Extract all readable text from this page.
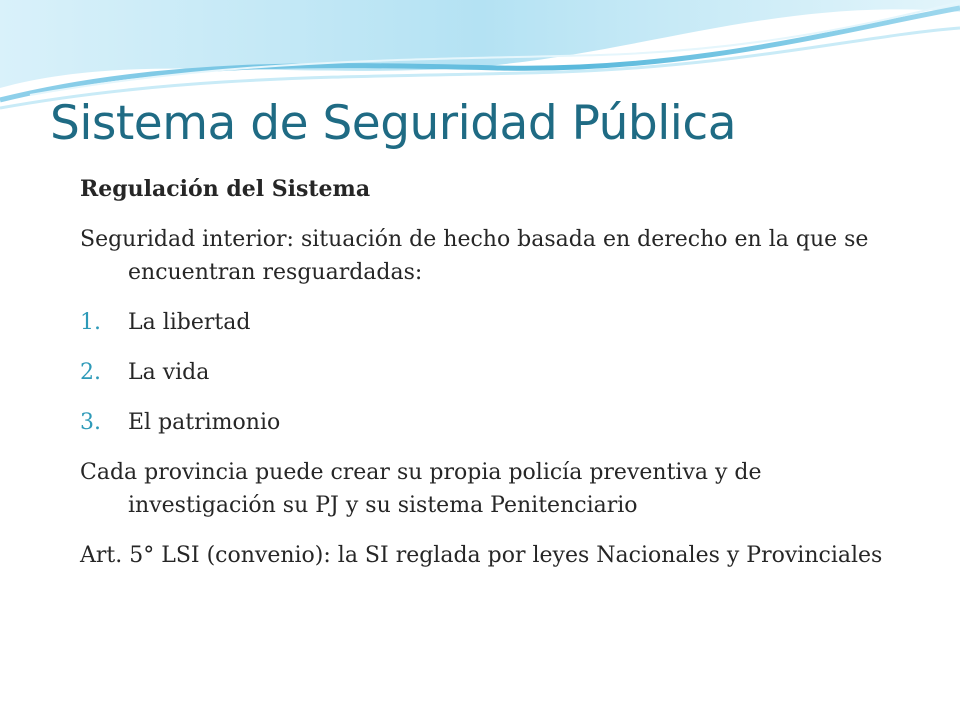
Sistema de Seguridad Pública
Regulación del Sistema
Seguridad interior: situación de hecho basada en derecho en la que se encuentran resguardadas:
1.	La libertad
2.	La vida
3.	El patrimonio
Cada provincia puede crear su propia policía preventiva y de investigación su PJ y su sistema Penitenciario
Art. 5° LSI (convenio): la SI reglada por leyes Nacionales y Provinciales
